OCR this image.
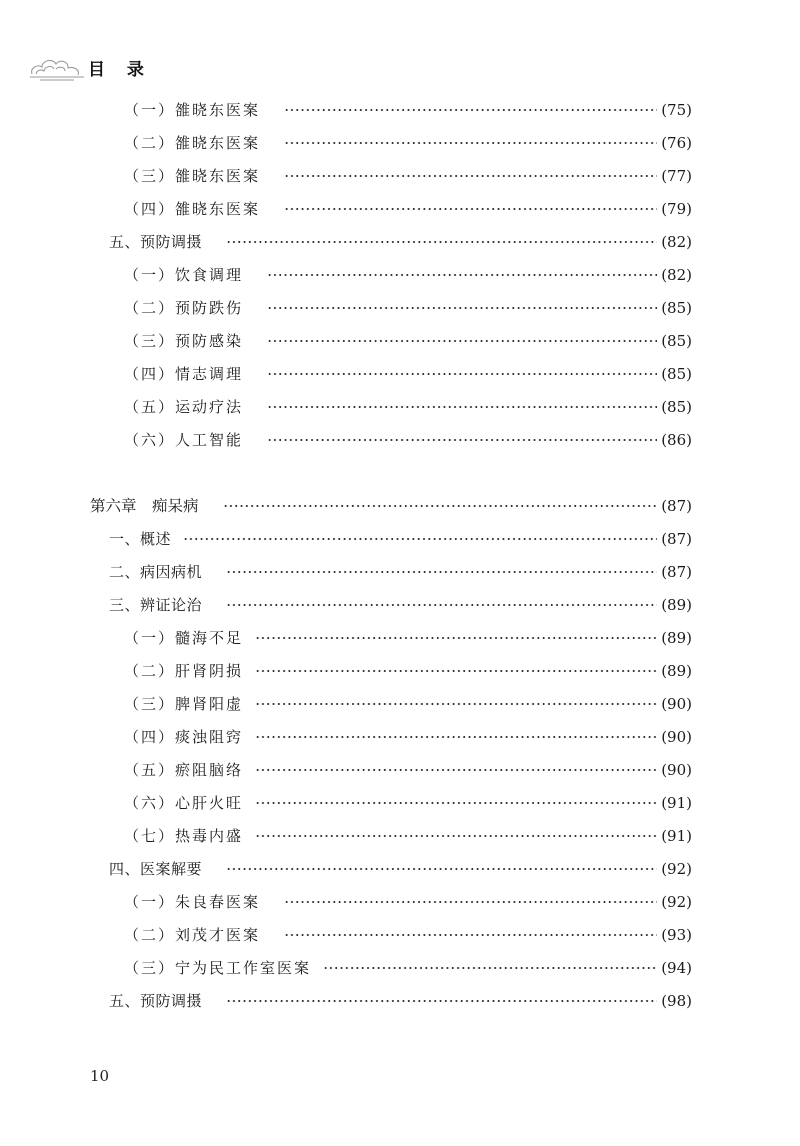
目 录
（一）雒晓东医案	(75)
（二）雒晓东医案	(76)
（三）雒晓东医案	(77)
（四）雒晓东医案	(79)
五、预防调摄	(82)
（一）饮食调理	(82)
（二）预防跌伤	(85)
（三）预防感染	(85)
（四）情志调理	(85)
（五）运动疗法	(85)
（六）人工智能	(86)
第六章　痴呆病	(87)
一、概述	(87)
二、病因病机	(87)
三、辨证论治	(89)
（一）髓海不足	(89)
（二）肝肾阴损	(89)
（三）脾肾阳虚	(90)
（四）痰浊阻窍	(90)
（五）瘀阻脑络	(90)
（六）心肝火旺	(91)
（七）热毒内盛	(91)
四、医案解要	(92)
（一）朱良春医案	(92)
（二）刘茂才医案	(93)
（三）宁为民工作室医案	(94)
五、预防调摄	(98)
10
